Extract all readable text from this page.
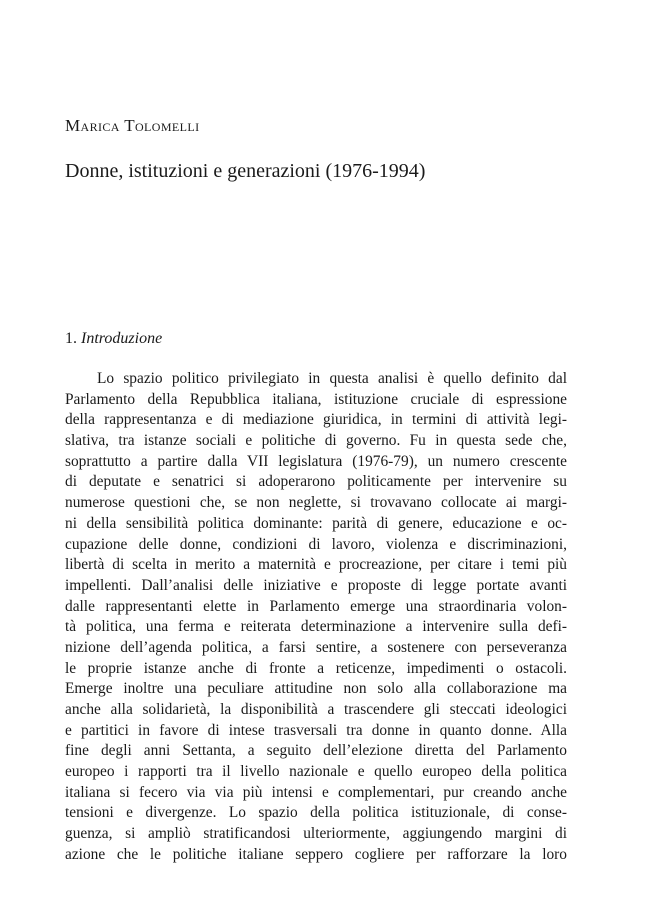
Marica Tolomelli
Donne, istituzioni e generazioni (1976-1994)
1. Introduzione
Lo spazio politico privilegiato in questa analisi è quello definito dal
Parlamento della Repubblica italiana, istituzione cruciale di espressione
della rappresentanza e di mediazione giuridica, in termini di attività legi-
slativa, tra istanze sociali e politiche di governo. Fu in questa sede che,
soprattutto a partire dalla VII legislatura (1976-79), un numero crescente
di deputate e senatrici si adoperarono politicamente per intervenire su
numerose questioni che, se non neglette, si trovavano collocate ai margi-
ni della sensibilità politica dominante: parità di genere, educazione e oc-
cupazione delle donne, condizioni di lavoro, violenza e discriminazioni,
libertà di scelta in merito a maternità e procreazione, per citare i temi più
impellenti. Dall’analisi delle iniziative e proposte di legge portate avanti
dalle rappresentanti elette in Parlamento emerge una straordinaria volon-
tà politica, una ferma e reiterata determinazione a intervenire sulla defi-
nizione dell’agenda politica, a farsi sentire, a sostenere con perseveranza
le proprie istanze anche di fronte a reticenze, impedimenti o ostacoli.
Emerge inoltre una peculiare attitudine non solo alla collaborazione ma
anche alla solidarietà, la disponibilità a trascendere gli steccati ideologici
e partitici in favore di intese trasversali tra donne in quanto donne. Alla
fine degli anni Settanta, a seguito dell’elezione diretta del Parlamento
europeo i rapporti tra il livello nazionale e quello europeo della politica
italiana si fecero via via più intensi e complementari, pur creando anche
tensioni e divergenze. Lo spazio della politica istituzionale, di conse-
guenza, si ampliò stratificandosi ulteriormente, aggiungendo margini di
azione che le politiche italiane seppero cogliere per rafforzare la loro
